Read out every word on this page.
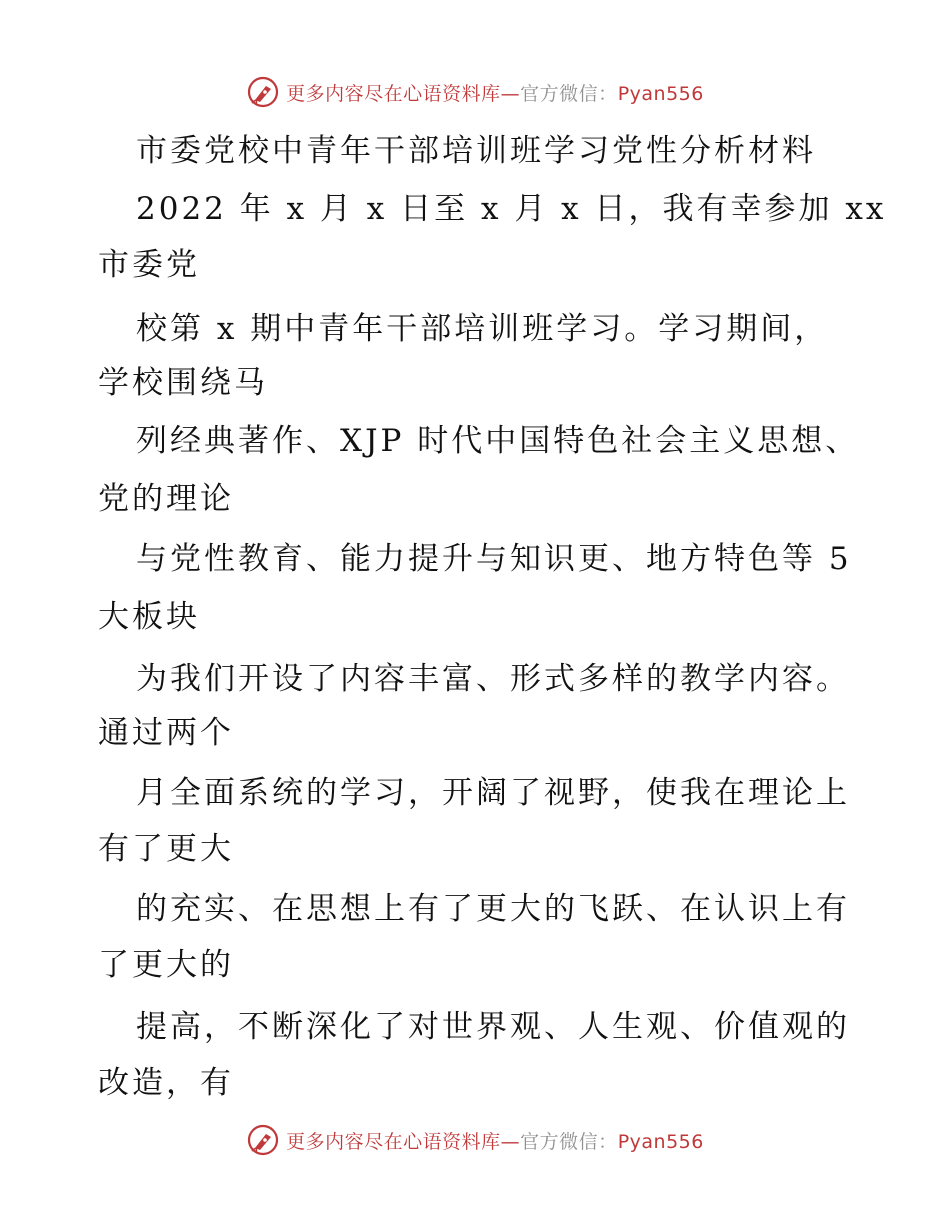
更多内容尽在心语资料库—官方微信：Pyan556
市委党校中青年干部培训班学习党性分析材料
2022 年 x 月 x 日至 x 月 x 日，我有幸参加 xx
市委党
校第 x 期中青年干部培训班学习。学习期间，
学校围绕马
列经典著作、XJP 时代中国特色社会主义思想、
党的理论
与党性教育、能力提升与知识更、地方特色等 5
大板块
为我们开设了内容丰富、形式多样的教学内容。
通过两个
月全面系统的学习，开阔了视野，使我在理论上
有了更大
的充实、在思想上有了更大的飞跃、在认识上有
了更大的
提高，不断深化了对世界观、人生观、价值观的
改造，有
更多内容尽在心语资料库—官方微信：Pyan556
